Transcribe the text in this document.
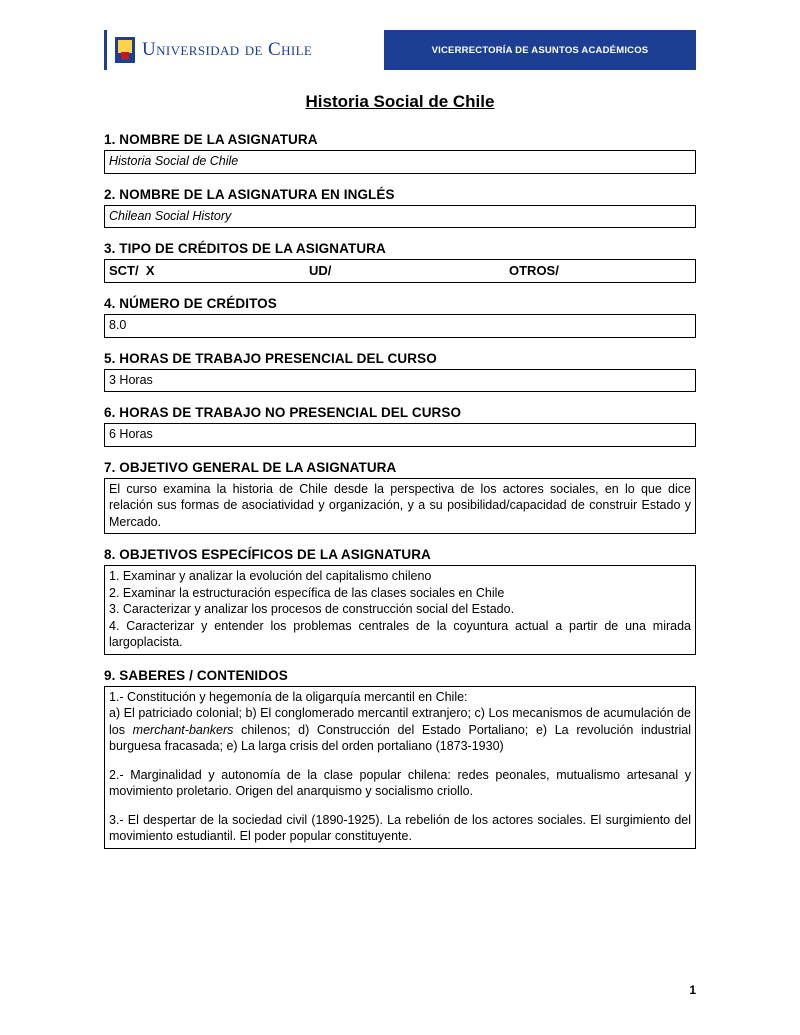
Universidad de Chile	VICERRECTORÍA DE ASUNTOS ACADÉMICOS
Historia Social de Chile
1. NOMBRE DE LA ASIGNATURA
Historia Social de Chile
2. NOMBRE DE LA ASIGNATURA EN INGLÉS
Chilean Social History
3. TIPO DE CRÉDITOS DE LA ASIGNATURA
SCT/  X	UD/	OTROS/
4. NÚMERO DE CRÉDITOS
8.0
5. HORAS DE TRABAJO PRESENCIAL DEL CURSO
3 Horas
6. HORAS DE TRABAJO NO PRESENCIAL DEL CURSO
6 Horas
7. OBJETIVO GENERAL DE LA ASIGNATURA
El curso examina la historia de Chile desde la perspectiva de los actores sociales, en lo que dice relación sus formas de asociatividad y organización, y a su posibilidad/capacidad de construir Estado y Mercado.
8. OBJETIVOS ESPECÍFICOS DE LA ASIGNATURA
1. Examinar y analizar la evolución del capitalismo chileno
2. Examinar la estructuración específica de las clases sociales en Chile
3. Caracterizar y analizar los procesos de construcción social del Estado.
4. Caracterizar y entender los problemas centrales de la coyuntura actual a partir de una mirada largoplacista.
9. SABERES / CONTENIDOS

1.- Constitución y hegemonía de la oligarquía mercantil en Chile:
a) El patriciado colonial; b) El conglomerado mercantil extranjero; c) Los mecanismos de acumulación de los merchant-bankers chilenos; d) Construcción del Estado Portaliano; e) La revolución industrial burguesa fracasada; e) La larga crisis del orden portaliano (1873-1930)

2.- Marginalidad y autonomía de la clase popular chilena: redes peonales, mutualismo artesanal y movimiento proletario. Origen del anarquismo y socialismo criollo.

3.- El despertar de la sociedad civil (1890-1925). La rebelión de los actores sociales. El surgimiento del movimiento estudiantil. El poder popular constituyente.

1
